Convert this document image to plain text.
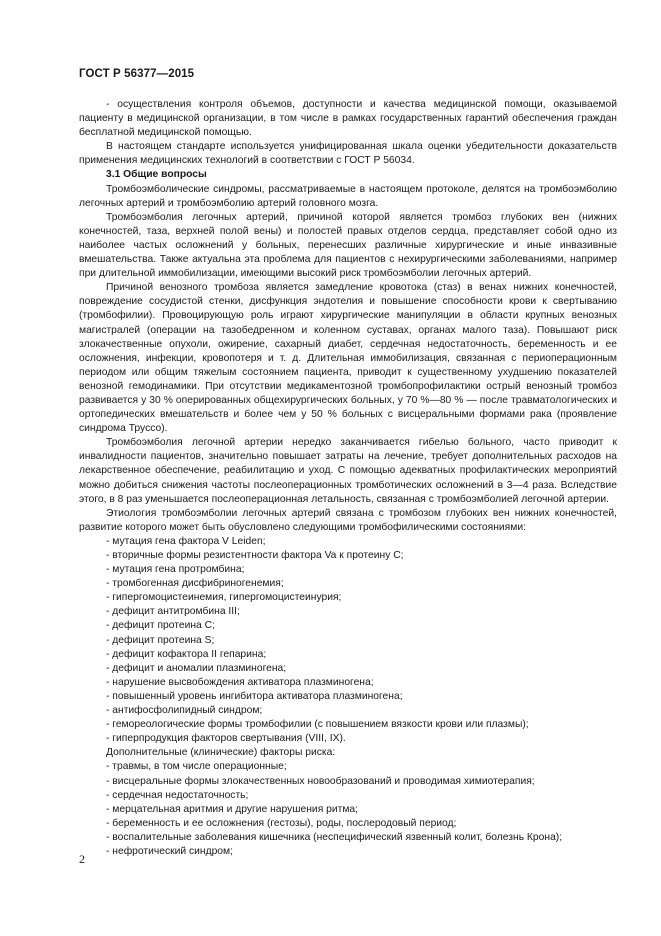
ГОСТ Р 56377—2015

- осуществления контроля объемов, доступности и качества медицинской помощи, оказываемой пациенту в медицинской организации, в том числе в рамках государственных гарантий обеспечения граждан бесплатной медицинской помощью.

В настоящем стандарте используется унифицированная шкала оценки убедительности доказательств применения медицинских технологий в соответствии с ГОСТ Р 56034.

3.1 Общие вопросы

Тромбоэмболические синдромы, рассматриваемые в настоящем протоколе, делятся на тромбоэмболию легочных артерий и тромбоэмболию артерий головного мозга.

Тромбоэмболия легочных артерий, причиной которой является тромбоз глубоких вен (нижних конечностей, таза, верхней полой вены) и полостей правых отделов сердца, представляет собой одно из наиболее частых осложнений у больных, перенесших различные хирургические и иные инвазивные вмешательства. Также актуальна эта проблема для пациентов с нехирургическими заболеваниями, например при длительной иммобилизации, имеющими высокий риск тромбоэмболии легочных артерий.

Причиной венозного тромбоза является замедление кровотока (стаз) в венах нижних конечностей, повреждение сосудистой стенки, дисфункция эндотелия и повышение способности крови к свертыванию (тромбофилии). Провоцирующую роль играют хирургические манипуляции в области крупных венозных магистралей (операции на тазобедренном и коленном суставах, органах малого таза). Повышают риск злокачественные опухоли, ожирение, сахарный диабет, сердечная недостаточность, беременность и ее осложнения, инфекции, кровопотеря и т. д. Длительная иммобилизация, связанная с периоперационным периодом или общим тяжелым состоянием пациента, приводит к существенному ухудшению показателей венозной гемодинамики. При отсутствии медикаментозной тромбопрофилактики острый венозный тромбоз развивается у 30 % оперированных общехирургических больных, у 70 %—80 % — после травматологических и ортопедических вмешательств и более чем у 50 % больных с висцеральными формами рака (проявление синдрома Труссо).

Тромбоэмболия легочной артерии нередко заканчивается гибелью больного, часто приводит к инвалидности пациентов, значительно повышает затраты на лечение, требует дополнительных расходов на лекарственное обеспечение, реабилитацию и уход. С помощью адекватных профилактических мероприятий можно добиться снижения частоты послеоперационных тромботических осложнений в 3—4 раза. Вследствие этого, в 8 раз уменьшается послеоперационная летальность, связанная с тромбоэмболией легочной артерии.

Этиология тромбоэмболии легочных артерий связана с тромбозом глубоких вен нижних конечностей, развитие которого может быть обусловлено следующими тромбофилическими состояниями:

- мутация гена фактора V Leiden;

- вторичные формы резистентности фактора Va к протеину C;

- мутация гена протромбина;

- тромбогенная дисфибриногенемия;

- гипергомоцистеинемия, гипергомоцистеинурия;

- дефицит антитромбина III;

- дефицит протеина C;

- дефицит протеина S;

- дефицит кофактора II гепарина;

- дефицит и аномалии плазминогена;

- нарушение высвобождения активатора плазминогена;

- повышенный уровень ингибитора активатора плазминогена;

- антифосфолипидный синдром;

- гемореологические формы тромбофилии (с повышением вязкости крови или плазмы);

- гиперпродукция факторов свертывания (VIII, IX).

Дополнительные (клинические) факторы риска:

- травмы, в том числе операционные;

- висцеральные формы злокачественных новообразований и проводимая химиотерапия;

- сердечная недостаточность;

- мерцательная аритмия и другие нарушения ритма;

- беременность и ее осложнения (гестозы), роды, послеродовый период;

- воспалительные заболевания кишечника (неспецифический язвенный колит, болезнь Крона);

- нефротический синдром;

2
